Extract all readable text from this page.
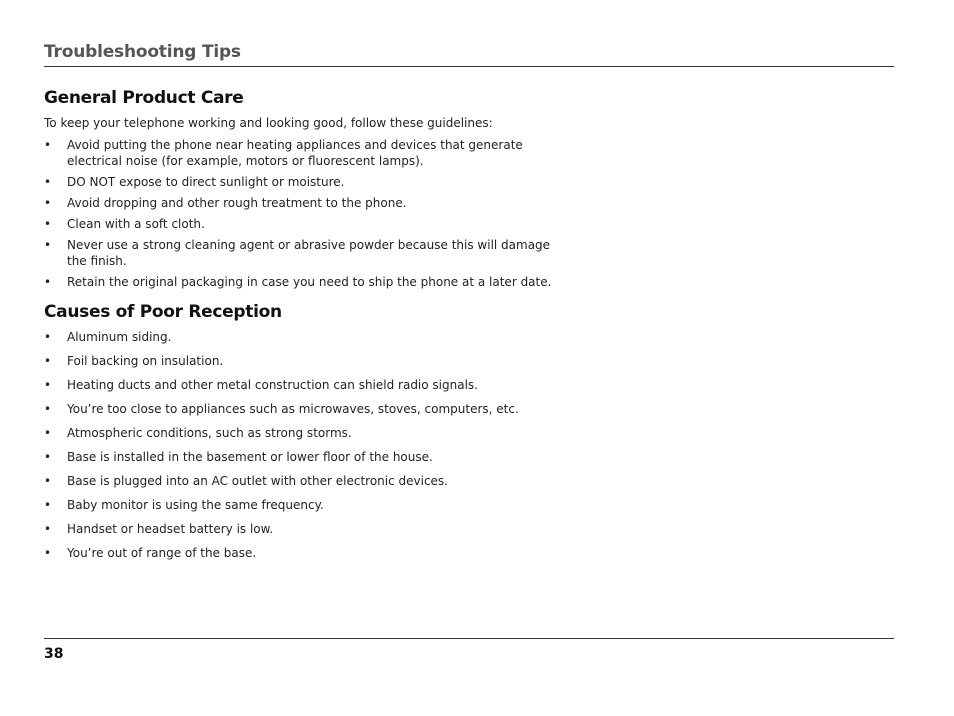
Troubleshooting Tips
General Product Care
To keep your telephone working and looking good, follow these guidelines:
• Avoid putting the phone near heating appliances and devices that generate electrical noise (for example, motors or fluorescent lamps).
• DO NOT expose to direct sunlight or moisture.
• Avoid dropping and other rough treatment to the phone.
• Clean with a soft cloth.
• Never use a strong cleaning agent or abrasive powder because this will damage the finish.
• Retain the original packaging in case you need to ship the phone at a later date.
Causes of Poor Reception
• Aluminum siding.
• Foil backing on insulation.
• Heating ducts and other metal construction can shield radio signals.
• You’re too close to appliances such as microwaves, stoves, computers, etc.
• Atmospheric conditions, such as strong storms.
• Base is installed in the basement or lower floor of the house.
• Base is plugged into an AC outlet with other electronic devices.
• Baby monitor is using the same frequency.
• Handset or headset battery is low.
• You’re out of range of the base.
38
